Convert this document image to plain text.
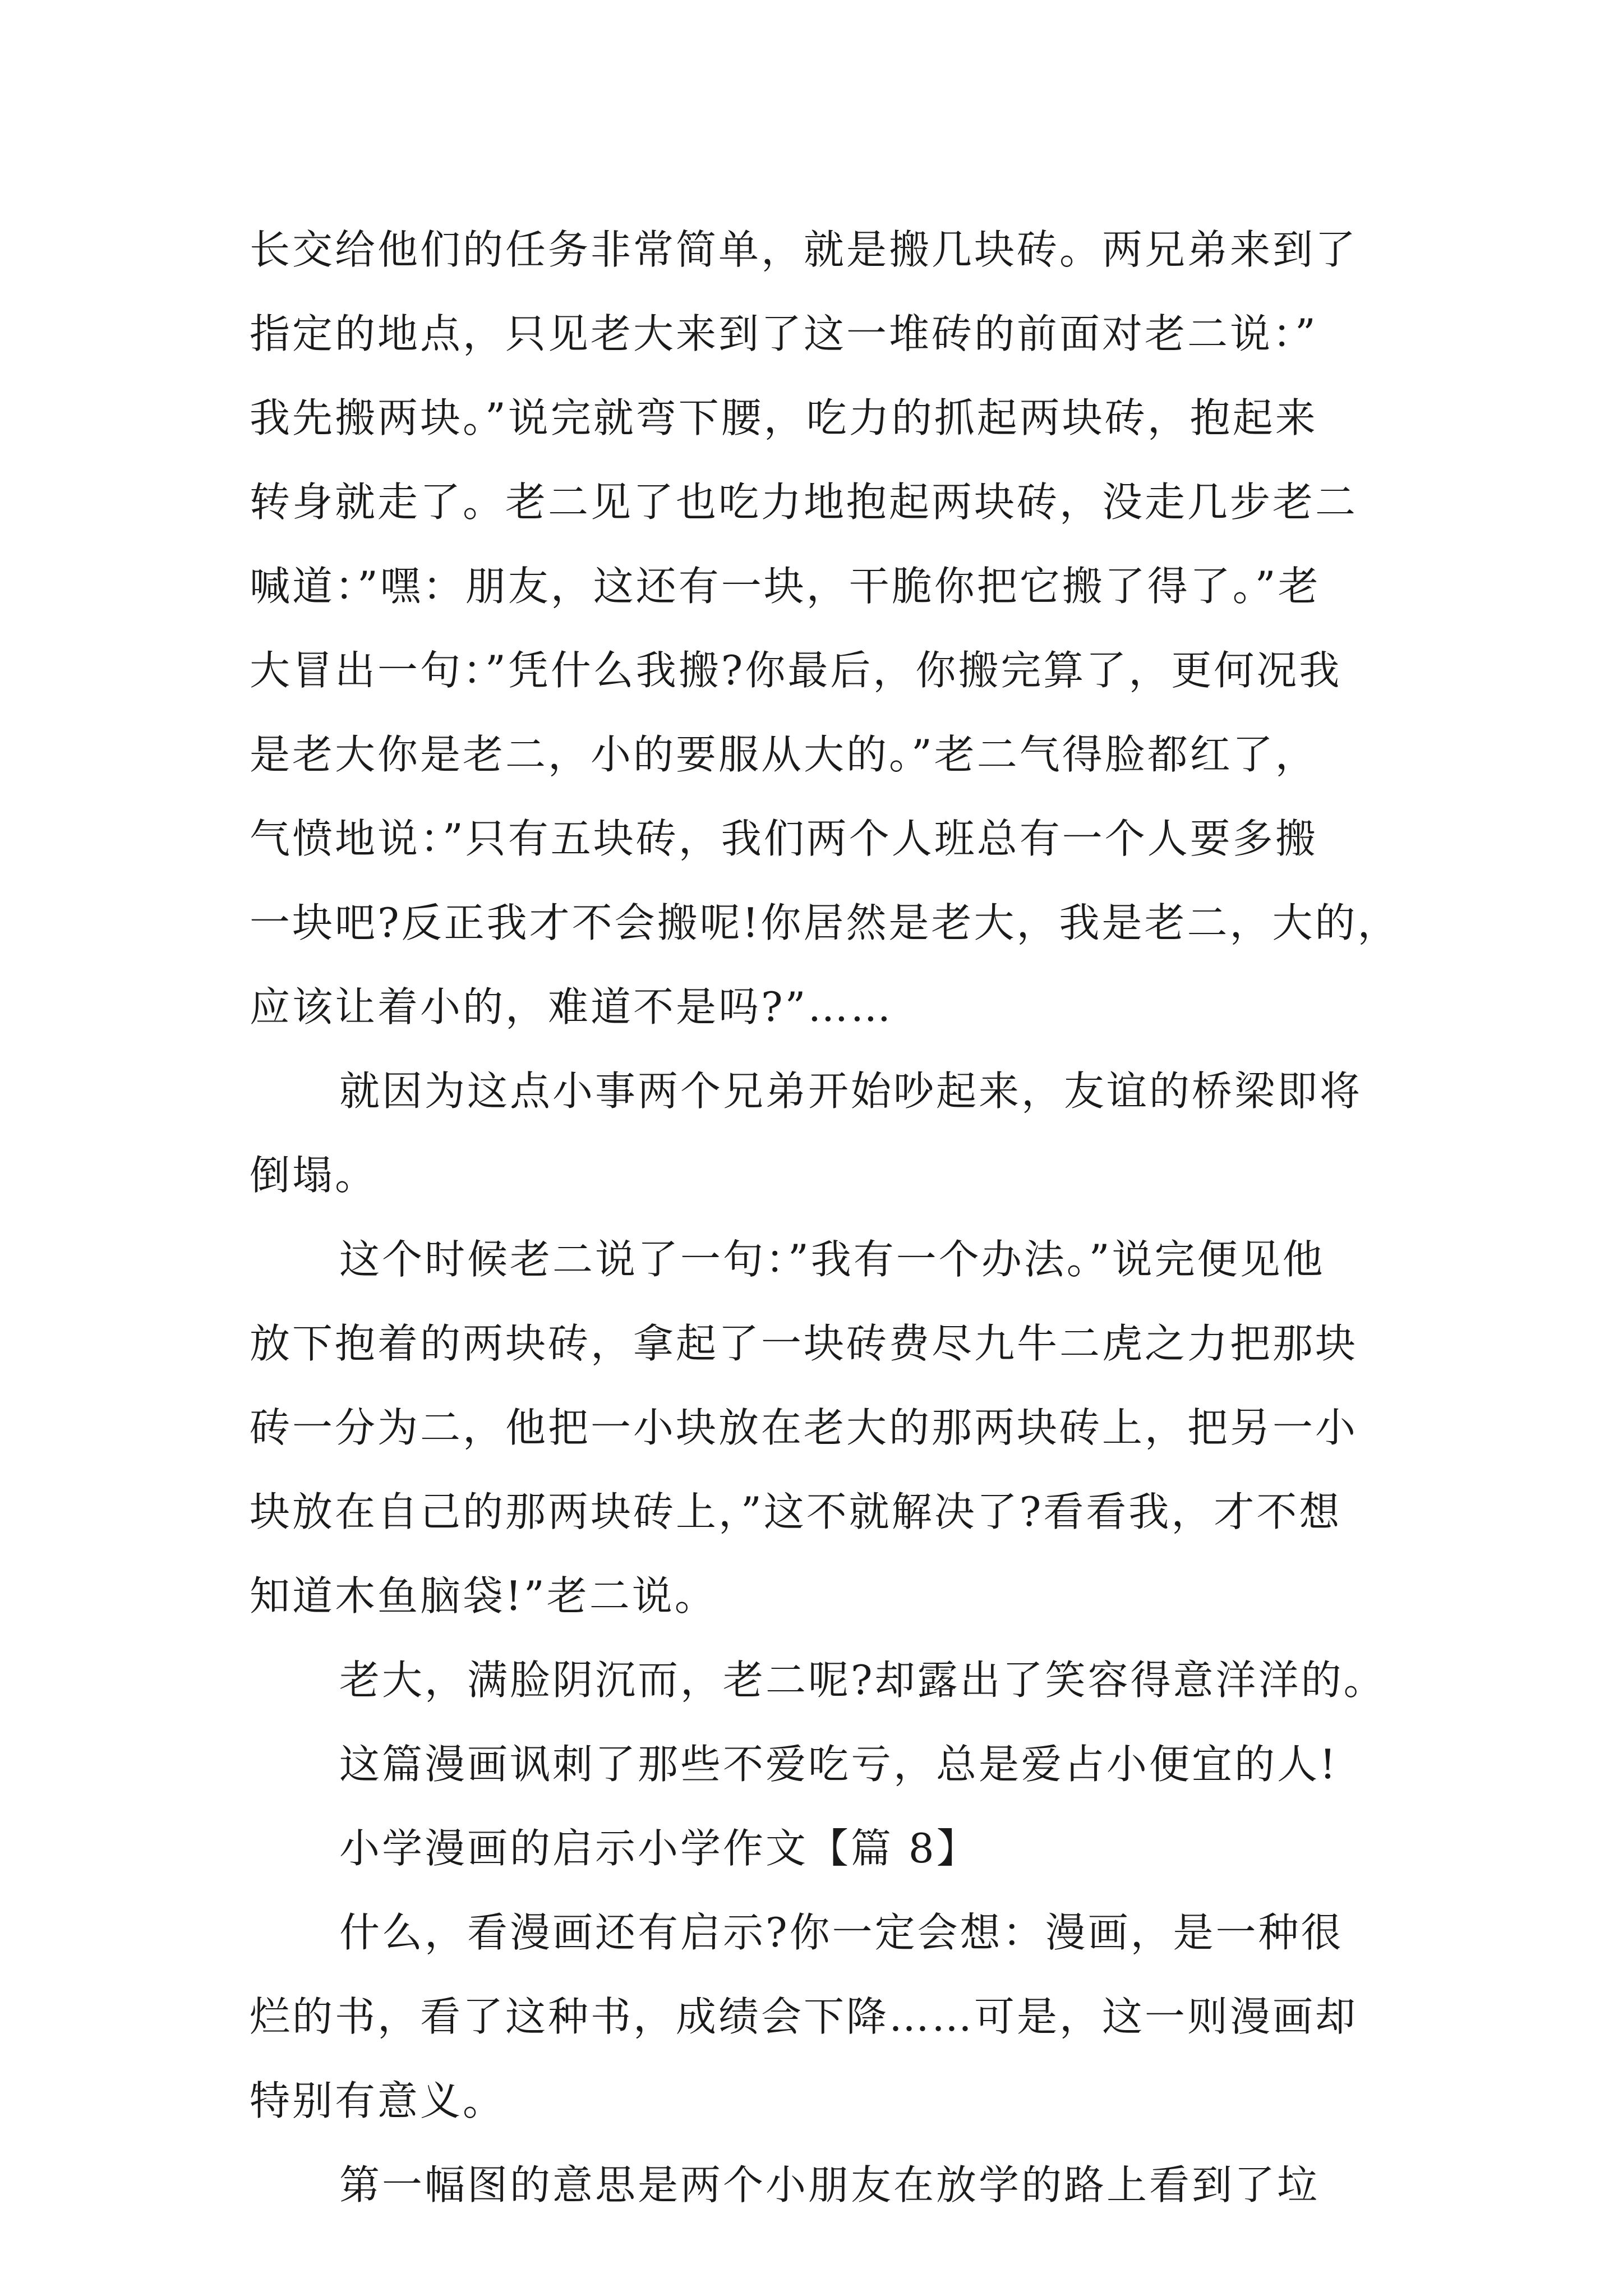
长交给他们的任务非常简单，就是搬几块砖。两兄弟来到了
指定的地点，只见老大来到了这一堆砖的前面对老二说：”
我先搬两块。”说完就弯下腰，吃力的抓起两块砖，抱起来
转身就走了。老二见了也吃力地抱起两块砖，没走几步老二
喊道：”嘿：朋友，这还有一块，干脆你把它搬了得了。”老
大冒出一句：”凭什么我搬?你最后，你搬完算了，更何况我
是老大你是老二，小的要服从大的。”老二气得脸都红了，
气愤地说：”只有五块砖，我们两个人班总有一个人要多搬
一块吧?反正我才不会搬呢!你居然是老大，我是老二，大的，
应该让着小的，难道不是吗?”……
就因为这点小事两个兄弟开始吵起来，友谊的桥梁即将
倒塌。
这个时候老二说了一句：”我有一个办法。”说完便见他
放下抱着的两块砖，拿起了一块砖费尽九牛二虎之力把那块
砖一分为二，他把一小块放在老大的那两块砖上，把另一小
块放在自己的那两块砖上，”这不就解决了?看看我，才不想
知道木鱼脑袋!”老二说。
老大，满脸阴沉而，老二呢?却露出了笑容得意洋洋的。
这篇漫画讽刺了那些不爱吃亏，总是爱占小便宜的人!
小学漫画的启示小学作文【篇 8】
什么，看漫画还有启示?你一定会想：漫画，是一种很
烂的书，看了这种书，成绩会下降……可是，这一则漫画却
特别有意义。
第一幅图的意思是两个小朋友在放学的路上看到了垃
